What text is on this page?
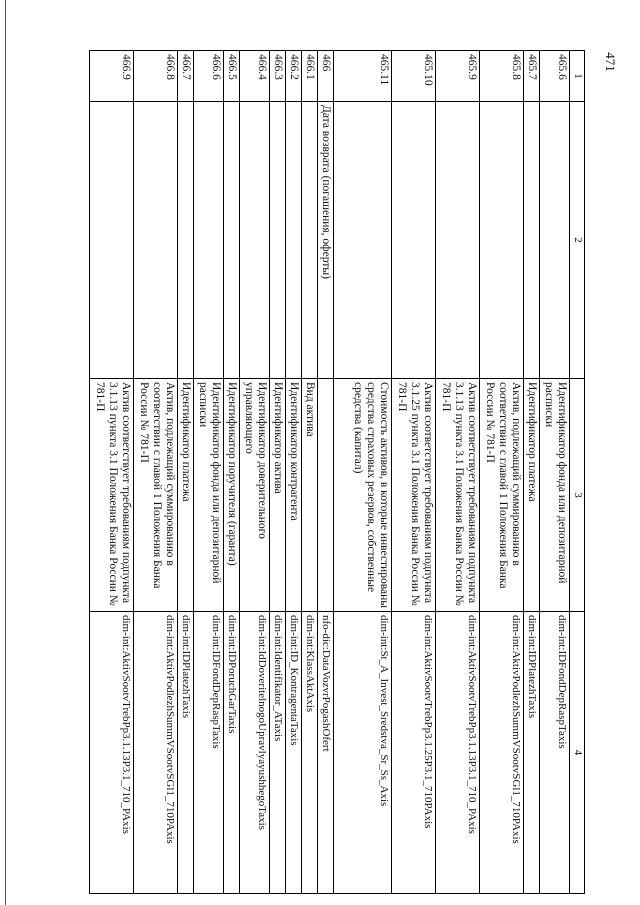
471
1	2	3	4
465.6		Идентификатор фонда или депозитарной расписки	dim-int:IDFondDepRaspTaxis
465.7		Идентификатор платежа	dim-int:IDPlatezhTaxis
465.8		Актив, подлежащий суммированию в соответствии с главой 1 Положения Банка России № 781-П	dim-int:AktivPodlezhSummVSootvSGl1_710PAxis
465.9		Актив соответствует требованиям подпункта 3.1.13 пункта 3.1 Положения Банка России № 781-П	dim-int:AktivSootvTrebPp3.1.13P3.1_710_PAxis
465.10		Актив соответствует требованиям подпункта 3.1.25 пункта 3.1 Положения Банка России № 781-П	dim-int:AktivSootvTrebPp3.1.25P3.1_710PAxis
465.11		Стоимость активов, в которые инвестированы средства страховых резервов, собственные средства (капитал)	dim-int:St_A_Invest_Sredstva_Sr_Ss_Axis
466	Дата возврата (погашения, оферты)		nfo-dic:DataVozvrPogashOfert
466.1		Вид актива	dim-int:KlassAktAxis
466.2		Идентификатор контрагента	dim-int:ID_KontragentaTaxis
466.3		Идентификатор актива	dim-int:Identifikator_ATaxis
466.4		Идентификатор доверительного управляющего	dim-int:IdDoveritelnogoUpravlyayushhegoTaxis
466.5		Идентификатор поручителя (гаранта)	dim-int:IDPoruchGarTaxis
466.6		Идентификатор фонда или депозитарной расписки	dim-int:IDFondDepRaspTaxis
466.7		Идентификатор платежа	dim-int:IDPlatezhTaxis
466.8		Актив, подлежащий суммированию в соответствии с главой 1 Положения Банка России № 781-П	dim-int:AktivPodlezhSummVSootvSGl1_710PAxis
466.9		Актив соответствует требованиям подпункта 3.1.13 пункта 3.1 Положения Банка России № 781-П	dim-int:AktivSootvTrebPp3.1.13P3.1_710_PAxis
